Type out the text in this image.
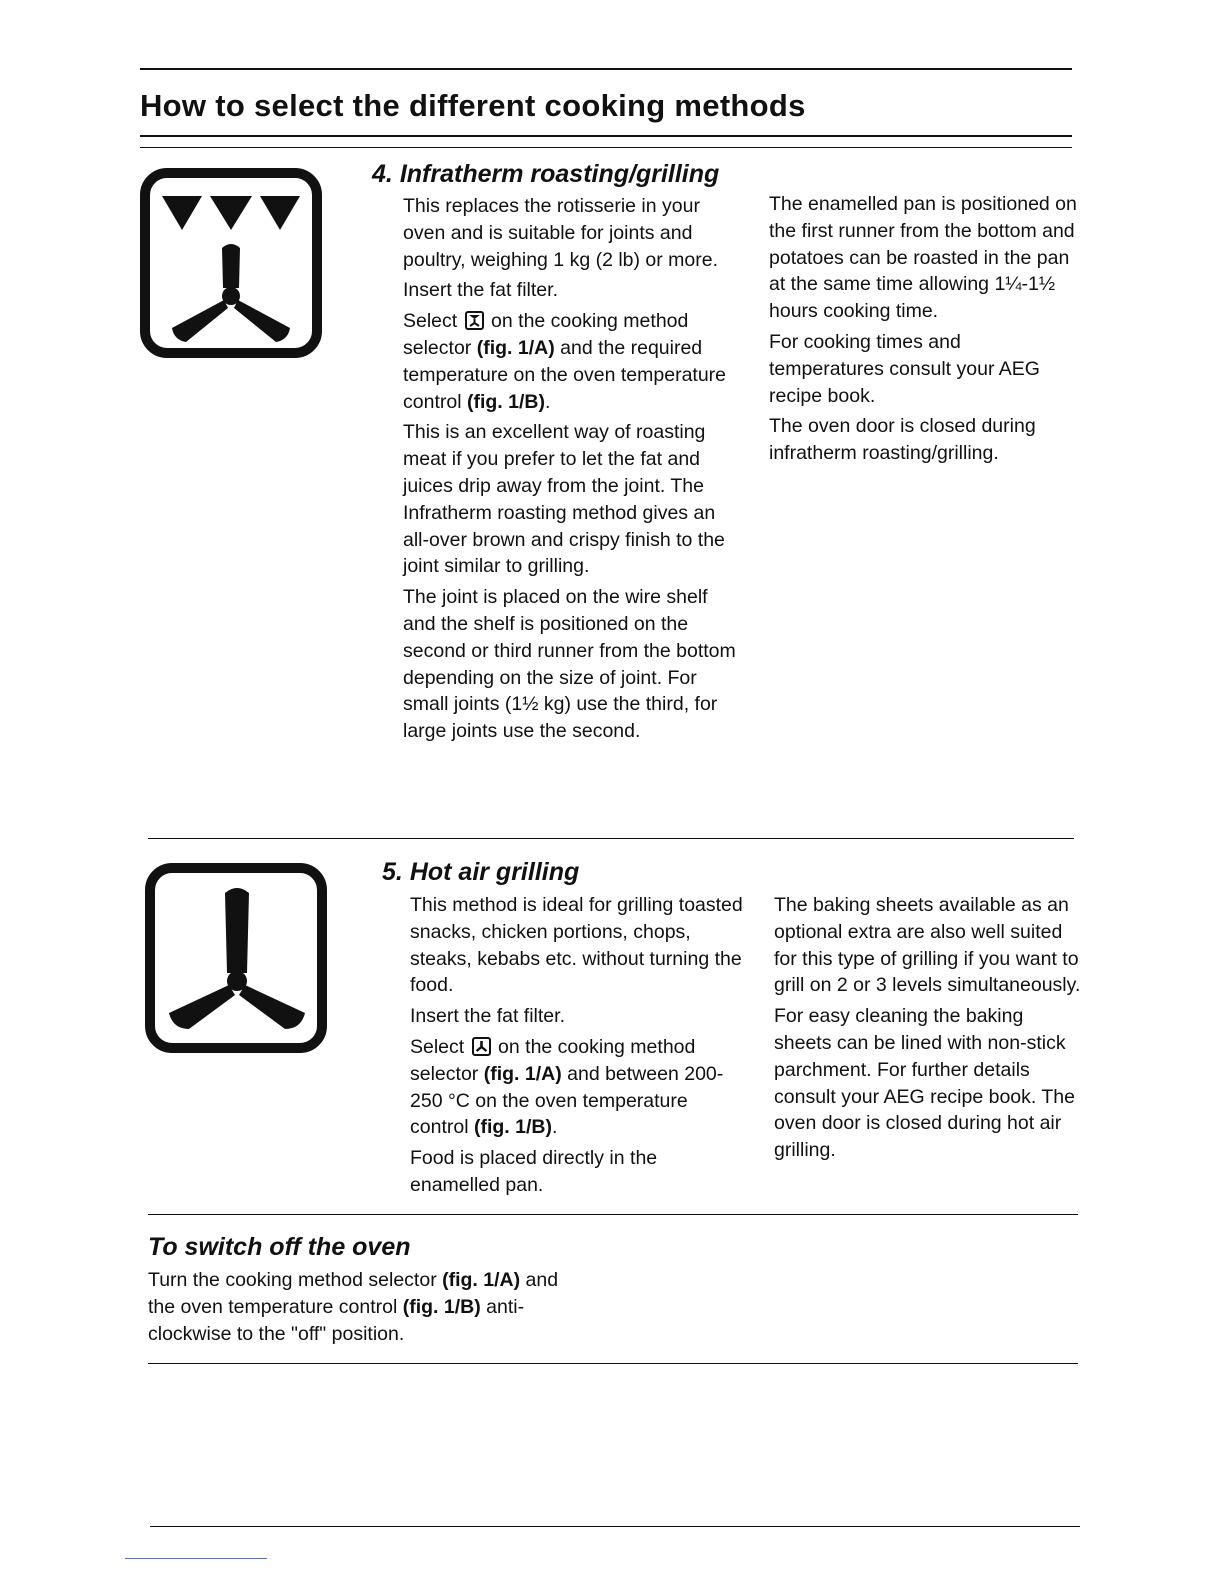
How to select the different cooking methods
4. Infratherm roasting/grilling

This replaces the rotisserie in your oven and is suitable for joints and poultry, weighing 1 kg (2 lb) or more.

Insert the fat filter.

Select on the cooking method selector (fig. 1/A) and the required temperature on the oven temperature control (fig. 1/B).

This is an excellent way of roasting meat if you prefer to let the fat and juices drip away from the joint. The Infratherm roasting method gives an all-over brown and crispy finish to the joint similar to grilling.

The joint is placed on the wire shelf and the shelf is positioned on the second or third runner from the bottom depending on the size of joint. For small joints (1½ kg) use the third, for large joints use the second.

The enamelled pan is positioned on the first runner from the bottom and potatoes can be roasted in the pan at the same time allowing 1¼-1½ hours cooking time.

For cooking times and temperatures consult your AEG recipe book.

The oven door is closed during infratherm roasting/grilling.

5. Hot air grilling

This method is ideal for grilling toasted snacks, chicken portions, chops, steaks, kebabs etc. without turning the food.

Insert the fat filter.

Select on the cooking method selector (fig. 1/A) and between 200-250 °C on the oven temperature control (fig. 1/B).

Food is placed directly in the enamelled pan.

The baking sheets available as an optional extra are also well suited for this type of grilling if you want to grill on 2 or 3 levels simultaneously.

For easy cleaning the baking sheets can be lined with non-stick parchment. For further details consult your AEG recipe book. The oven door is closed during hot air grilling.

To switch off the oven

Turn the cooking method selector (fig. 1/A) and the oven temperature control (fig. 1/B) anti-clockwise to the "off" position.
